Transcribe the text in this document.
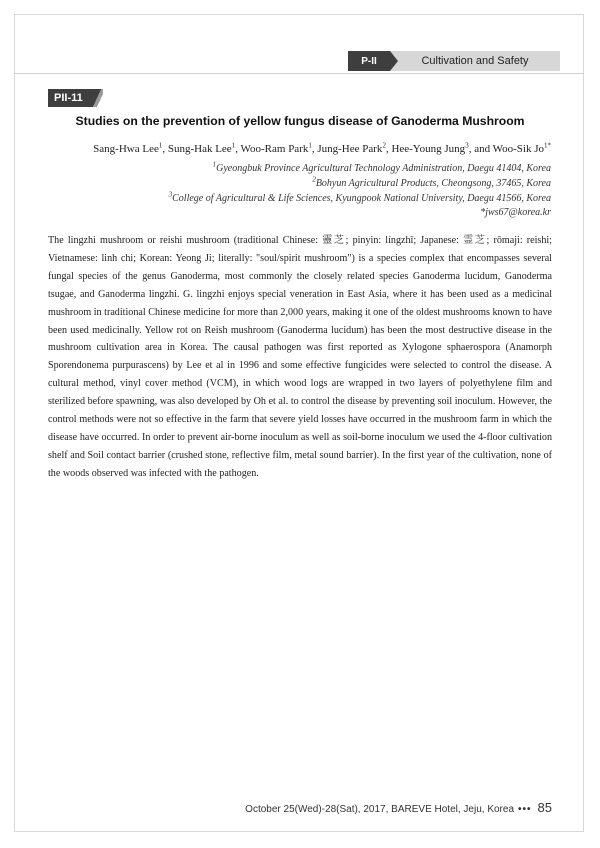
P-II	Cultivation and Safety
PII-11
Studies on the prevention of yellow fungus disease of Ganoderma Mushroom
Sang-Hwa Lee$^1$, Sung-Hak Lee$^1$, Woo-Ram Park$^1$, Jung-Hee Park$^2$, Hee-Young Jung$^3$, and Woo-Sik $Jo^{1*}$
$^1$Gyeongbuk Province Agricultural Technology Administration, Daegu 41404, Korea
$^2$Bohyun Agricultural Products, Cheongsong, 37465, Korea
$^3$College of Agricultural & Life Sciences, Kyungpook National University, Daegu 41566, Korea
*jws67@korea.kr
The lingzhi mushroom or reishi mushroom (traditional Chinese: 靈芝; pinyin: língzhī; Japanese: 霊芝; rōmaji: reishi; Vietnamese: linh chi; Korean: Yeong Ji; literally: "soul/spirit mushroom") is a species complex that encompasses several fungal species of the genus Ganoderma, most commonly the closely related species Ganoderma lucidum, Ganoderma tsugae, and Ganoderma lingzhi. G. lingzhi enjoys special veneration in East Asia, where it has been used as a medicinal mushroom in traditional Chinese medicine for more than 2,000 years, making it one of the oldest mushrooms known to have been used medicinally. Yellow rot on Reish mushroom (Ganoderma lucidum) has been the most destructive disease in the mushroom cultivation area in Korea. The causal pathogen was first reported as Xylogone sphaerospora (Anamorph Sporendonema purpurascens) by Lee et al in 1996 and some effective fungicides were selected to control the disease. A cultural method, vinyl cover method (VCM), in which wood logs are wrapped in two layers of polyethylene film and sterilized before spawning, was also developed by Oh et al. to control the disease by preventing soil inoculum. However, the control methods were not so effective in the farm that severe yield losses have occurred in the mushroom farm in which the disease have occurred. In order to prevent air-borne inoculum as well as soil-borne inoculum we used the 4-floor cultivation shelf and Soil contact barrier (crushed stone, reflective film, metal sound barrier). In the first year of the cultivation, none of the woods observed was infected with the pathogen.
October 25(Wed)-28(Sat), 2017, BAREVE Hotel, Jeju, Korea ••• 85
